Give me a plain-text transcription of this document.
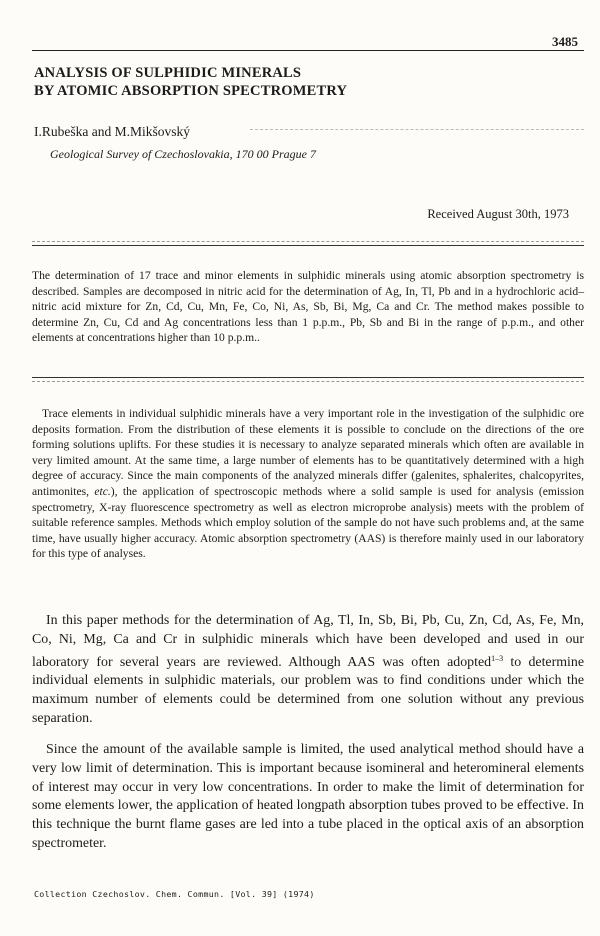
3485
ANALYSIS OF SULPHIDIC MINERALS
BY ATOMIC ABSORPTION SPECTROMETRY
I.Rubeška and M.Mikšovský
Geological Survey of Czechoslovakia, 170 00 Prague 7
Received August 30th, 1973

The determination of 17 trace and minor elements in sulphidic minerals using atomic absorption spectrometry is described. Samples are decomposed in nitric acid for the determination of Ag, In, Tl, Pb and in a hydrochloric acid–nitric acid mixture for Zn, Cd, Cu, Mn, Fe, Co, Ni, As, Sb, Bi, Mg, Ca and Cr. The method makes possible to determine Zn, Cu, Cd and Ag concentrations less than 1 p.p.m., Pb, Sb and Bi in the range of p.p.m., and other elements at concentrations higher than 10 p.p.m..

Trace elements in individual sulphidic minerals have a very important role in the investigation of the sulphidic ore deposits formation. From the distribution of these elements it is possible to conclude on the directions of the ore forming solutions uplifts. For these studies it is necessary to analyze separated minerals which often are available in very limited amount. At the same time, a large number of elements has to be quantitatively determined with a high degree of accuracy. Since the main components of the analyzed minerals differ (galenites, sphalerites, chalcopyrites, antimonites, etc.), the application of spectroscopic methods where a solid sample is used for analysis (emission spectrometry, X-ray fluorescence spectrometry as well as electron microprobe analysis) meets with the problem of suitable reference samples. Methods which employ solution of the sample do not have such problems and, at the same time, have usually higher accuracy. Atomic absorption spectrometry (AAS) is therefore mainly used in our laboratory for this type of analyses.

In this paper methods for the determination of Ag, Tl, In, Sb, Bi, Pb, Cu, Zn, Cd, As, Fe, Mn, Co, Ni, Mg, Ca and Cr in sulphidic minerals which have been developed and used in our laboratory for several years are reviewed. Although AAS was often adopted$^{1-3}$ to determine individual elements in sulphidic materials, our problem was to find conditions under which the maximum number of elements could be determined from one solution without any previous separation.

Since the amount of the available sample is limited, the used analytical method should have a very low limit of determination. This is important because isomineral and heteromineral elements of interest may occur in very low concentrations. In order to make the limit of determination for some elements lower, the application of heated longpath absorption tubes proved to be effective. In this technique the burnt flame gases are led into a tube placed in the optical axis of an absorption spectrometer.

Collection Czechoslov. Chem. Commun. [Vol. 39] (1974)
